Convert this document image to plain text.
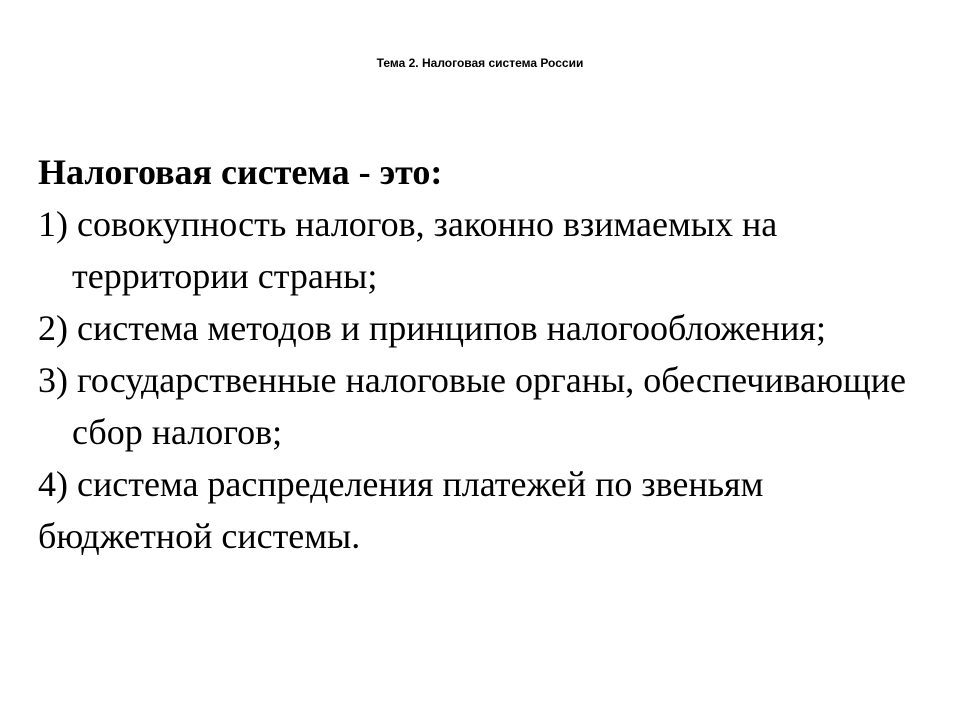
Тема 2. Налоговая система России

Налоговая система - это:

1) совокупность налогов, законно взимаемых на территории страны;

2) система методов и принципов налогообложения;

3) государственные налоговые органы, обеспечивающие сбор налогов;

4) система распределения платежей по звеньям бюджетной системы.
